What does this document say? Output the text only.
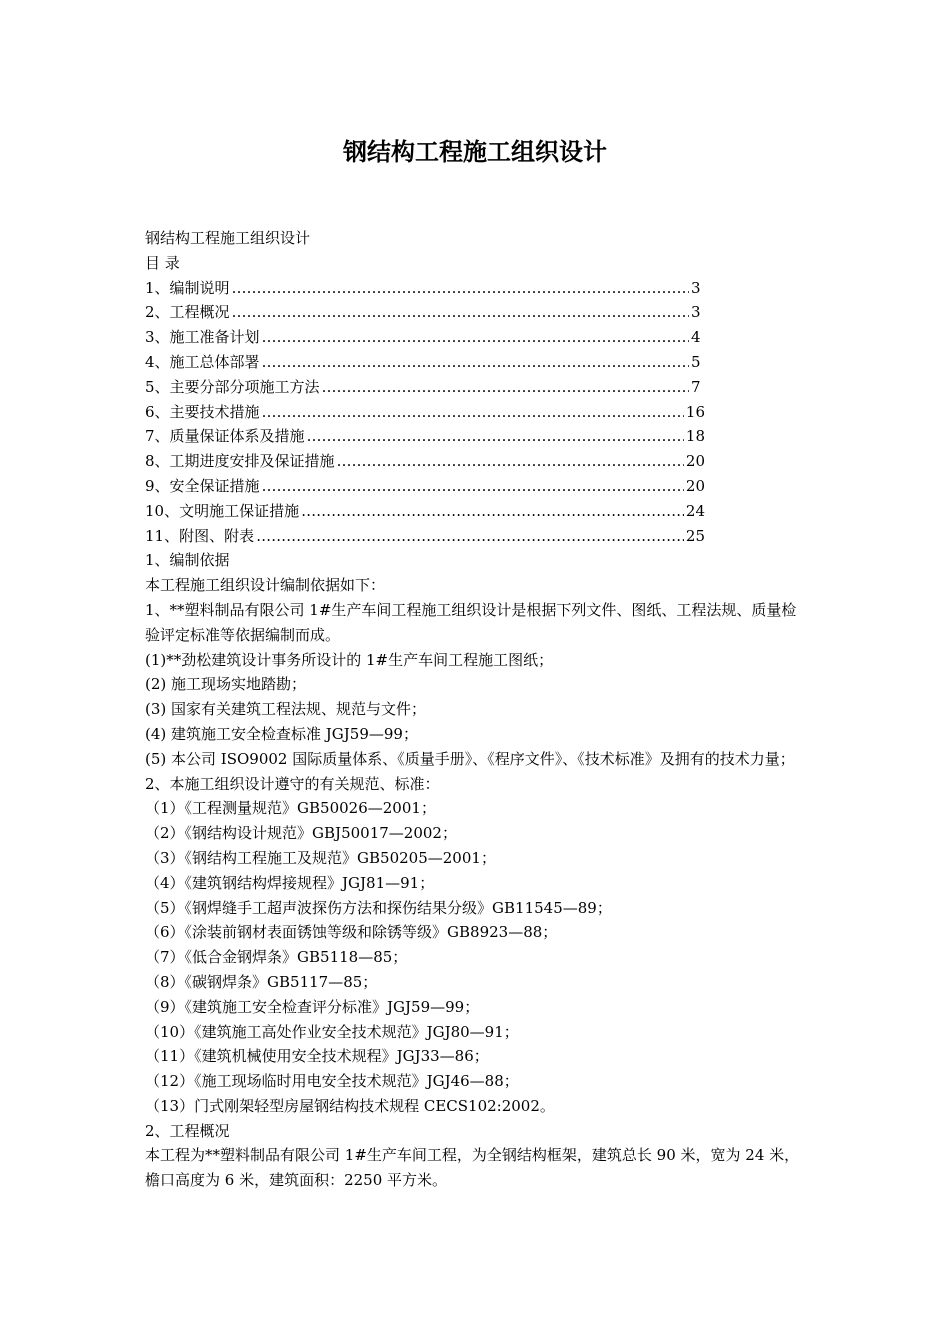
钢结构工程施工组织设计
钢结构工程施工组织设计
目 录
1、编制说明 …………………………………………………………………………………………………………………………………………………………	3
2、工程概况 …………………………………………………………………………………………………………………………………………………………	3
3、施工准备计划 …………………………………………………………………………………………………………………………………………………………	4
4、施工总体部署 …………………………………………………………………………………………………………………………………………………………	5
5、主要分部分项施工方法 …………………………………………………………………………………………………………………………………………………………	7
6、主要技术措施 …………………………………………………………………………………………………………………………………………………………	16
7、质量保证体系及措施 …………………………………………………………………………………………………………………………………………………………	18
8、工期进度安排及保证措施 …………………………………………………………………………………………………………………………………………………………	20
9、安全保证措施 …………………………………………………………………………………………………………………………………………………………	20
10、文明施工保证措施 …………………………………………………………………………………………………………………………………………………………	24
11、附图、附表 …………………………………………………………………………………………………………………………………………………………	25
1、编制依据
本工程施工组织设计编制依据如下：
1、**塑料制品有限公司 1#生产车间工程施工组织设计是根据下列文件、图纸、工程法规、质量检验评定标准等依据编制而成。
(1)**劲松建筑设计事务所设计的 1#生产车间工程施工图纸；
(2) 施工现场实地踏勘；
(3) 国家有关建筑工程法规、规范与文件；
(4) 建筑施工安全检查标准 JGJ59—99；
(5) 本公司 ISO9002 国际质量体系、《质量手册》、《程序文件》、《技术标准》及拥有的技术力量；
2、本施工组织设计遵守的有关规范、标准：
（1）《工程测量规范》GB50026—2001；
（2）《钢结构设计规范》GBJ50017—2002；
（3）《钢结构工程施工及规范》GB50205—2001；
（4）《建筑钢结构焊接规程》JGJ81—91；
（5）《钢焊缝手工超声波探伤方法和探伤结果分级》GB11545—89；
（6）《涂装前钢材表面锈蚀等级和除锈等级》GB8923—88；
（7）《低合金钢焊条》GB5118—85；
（8）《碳钢焊条》GB5117—85；
（9）《建筑施工安全检查评分标准》JGJ59—99；
（10）《建筑施工高处作业安全技术规范》JGJ80—91；
（11）《建筑机械使用安全技术规程》JGJ33—86；
（12）《施工现场临时用电安全技术规范》JGJ46—88；
（13）门式刚架轻型房屋钢结构技术规程 CECS102:2002。
2、工程概况
本工程为**塑料制品有限公司 1#生产车间工程，为全钢结构框架，建筑总长 90 米，宽为 24 米，檐口高度为 6 米，建筑面积：2250 平方米。
